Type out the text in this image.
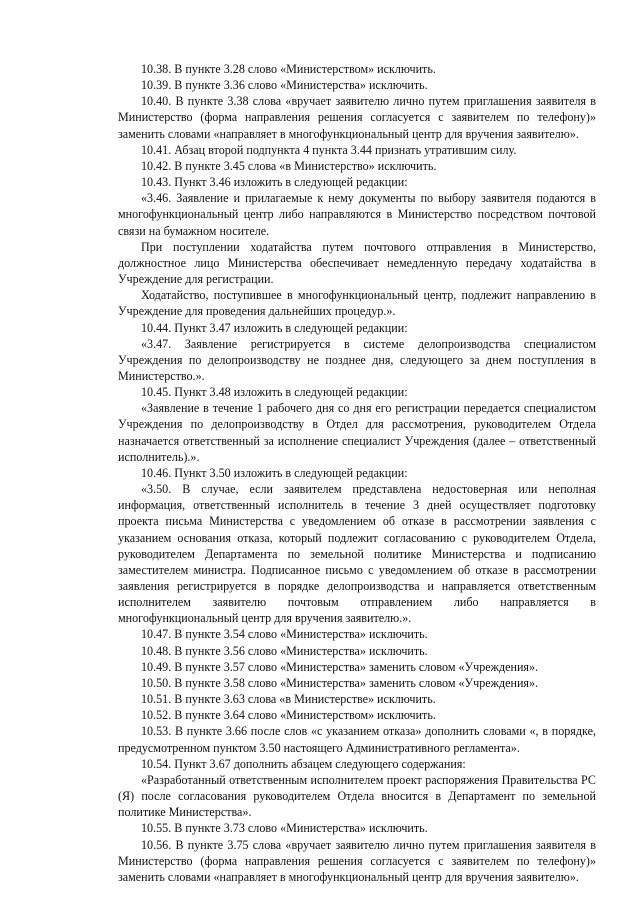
10.38. В пункте 3.28 слово «Министерством» исключить.

10.39. В пункте 3.36 слово «Министерства» исключить.

10.40. В пункте 3.38 слова «вручает заявителю лично путем приглашения заявителя в Министерство (форма направления решения согласуется с заявителем по телефону)» заменить словами «направляет в многофункциональный центр для вручения заявителю».

10.41. Абзац второй подпункта 4 пункта 3.44 признать утратившим силу.

10.42. В пункте 3.45 слова «в Министерство» исключить.

10.43. Пункт 3.46 изложить в следующей редакции:

«3.46. Заявление и прилагаемые к нему документы по выбору заявителя подаются в многофункциональный центр либо направляются в Министерство посредством почтовой связи на бумажном носителе.

При поступлении ходатайства путем почтового отправления в Министерство, должностное лицо Министерства обеспечивает немедленную передачу ходатайства в Учреждение для регистрации.

Ходатайство, поступившее в многофункциональный центр, подлежит направлению в Учреждение для проведения дальнейших процедур.».

10.44. Пункт 3.47 изложить в следующей редакции:

«3.47. Заявление регистрируется в системе делопроизводства специалистом Учреждения по делопроизводству не позднее дня, следующего за днем поступления в Министерство.».

10.45. Пункт 3.48 изложить в следующей редакции:

«Заявление в течение 1 рабочего дня со дня его регистрации передается специалистом Учреждения по делопроизводству в Отдел для рассмотрения, руководителем Отдела назначается ответственный за исполнение специалист Учреждения (далее – ответственный исполнитель).».

10.46. Пункт 3.50 изложить в следующей редакции:

«3.50. В случае, если заявителем представлена недостоверная или неполная информация, ответственный исполнитель в течение 3 дней осуществляет подготовку проекта письма Министерства с уведомлением об отказе в рассмотрении заявления с указанием основания отказа, который подлежит согласованию с руководителем Отдела, руководителем Департамента по земельной политике Министерства и подписанию заместителем министра. Подписанное письмо с уведомлением об отказе в рассмотрении заявления регистрируется в порядке делопроизводства и направляется ответственным исполнителем заявителю почтовым отправлением либо направляется в многофункциональный центр для вручения заявителю.».

10.47. В пункте 3.54 слово «Министерства» исключить.

10.48. В пункте 3.56 слово «Министерства» исключить.

10.49. В пункте 3.57 слово «Министерства» заменить словом «Учреждения».

10.50. В пункте 3.58 слово «Министерства» заменить словом «Учреждения».

10.51. В пункте 3.63 слова «в Министерстве» исключить.

10.52. В пункте 3.64 слово «Министерством» исключить.

10.53. В пункте 3.66 после слов «с указанием отказа» дополнить словами «, в порядке, предусмотренном пунктом 3.50 настоящего Административного регламента».

10.54. Пункт 3.67 дополнить абзацем следующего содержания:

«Разработанный ответственным исполнителем проект распоряжения Правительства РС (Я) после согласования руководителем Отдела вносится в Департамент по земельной политике Министерства».

10.55. В пункте 3.73 слово «Министерства» исключить.

10.56. В пункте 3.75 слова «вручает заявителю лично путем приглашения заявителя в Министерство (форма направления решения согласуется с заявителем по телефону)» заменить словами «направляет в многофункциональный центр для вручения заявителю».
